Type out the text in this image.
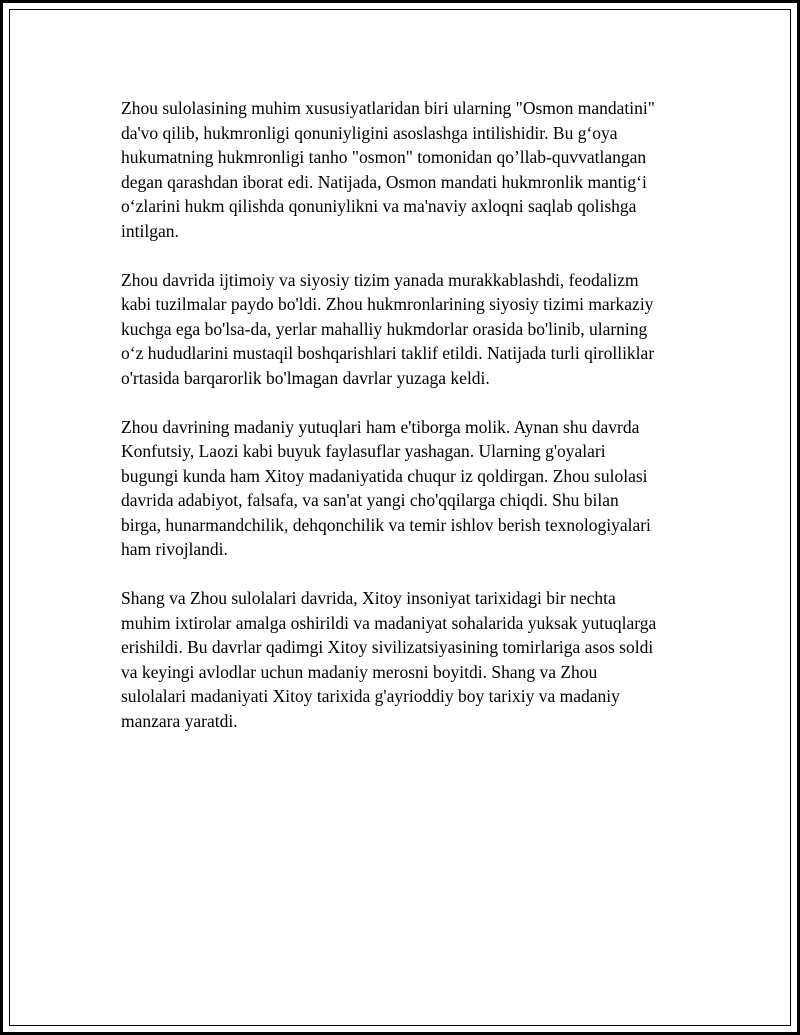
Zhou sulolasining muhim xususiyatlaridan biri ularning "Osmon mandatini"
da'vo qilib, hukmronligi qonuniyligini asoslashga intilishidir. Bu g‘oya
hukumatning hukmronligi tanho "osmon" tomonidan qo’llab-quvvatlangan
degan qarashdan iborat edi. Natijada, Osmon mandati hukmronlik mantig‘i
o‘zlarini hukm qilishda qonuniylikni va ma'naviy axloqni saqlab qolishga
intilgan.

Zhou davrida ijtimoiy va siyosiy tizim yanada murakkablashdi, feodalizm
kabi tuzilmalar paydo bo'ldi. Zhou hukmronlarining siyosiy tizimi markaziy
kuchga ega bo'lsa-da, yerlar mahalliy hukmdorlar orasida bo'linib, ularning
o‘z hududlarini mustaqil boshqarishlari taklif etildi. Natijada turli qirolliklar
o'rtasida barqarorlik bo'lmagan davrlar yuzaga keldi.

Zhou davrining madaniy yutuqlari ham e'tiborga molik. Aynan shu davrda
Konfutsiy, Laozi kabi buyuk faylasuflar yashagan. Ularning g'oyalari
bugungi kunda ham Xitoy madaniyatida chuqur iz qoldirgan. Zhou sulolasi
davrida adabiyot, falsafa, va san'at yangi cho'qqilarga chiqdi. Shu bilan
birga, hunarmandchilik, dehqonchilik va temir ishlov berish texnologiyalari
ham rivojlandi.

Shang va Zhou sulolalari davrida, Xitoy insoniyat tarixidagi bir nechta
muhim ixtirolar amalga oshirildi va madaniyat sohalarida yuksak yutuqlarga
erishildi. Bu davrlar qadimgi Xitoy sivilizatsiyasining tomirlariga asos soldi
va keyingi avlodlar uchun madaniy merosni boyitdi. Shang va Zhou
sulolalari madaniyati Xitoy tarixida g'ayrioddiy boy tarixiy va madaniy
manzara yaratdi.
